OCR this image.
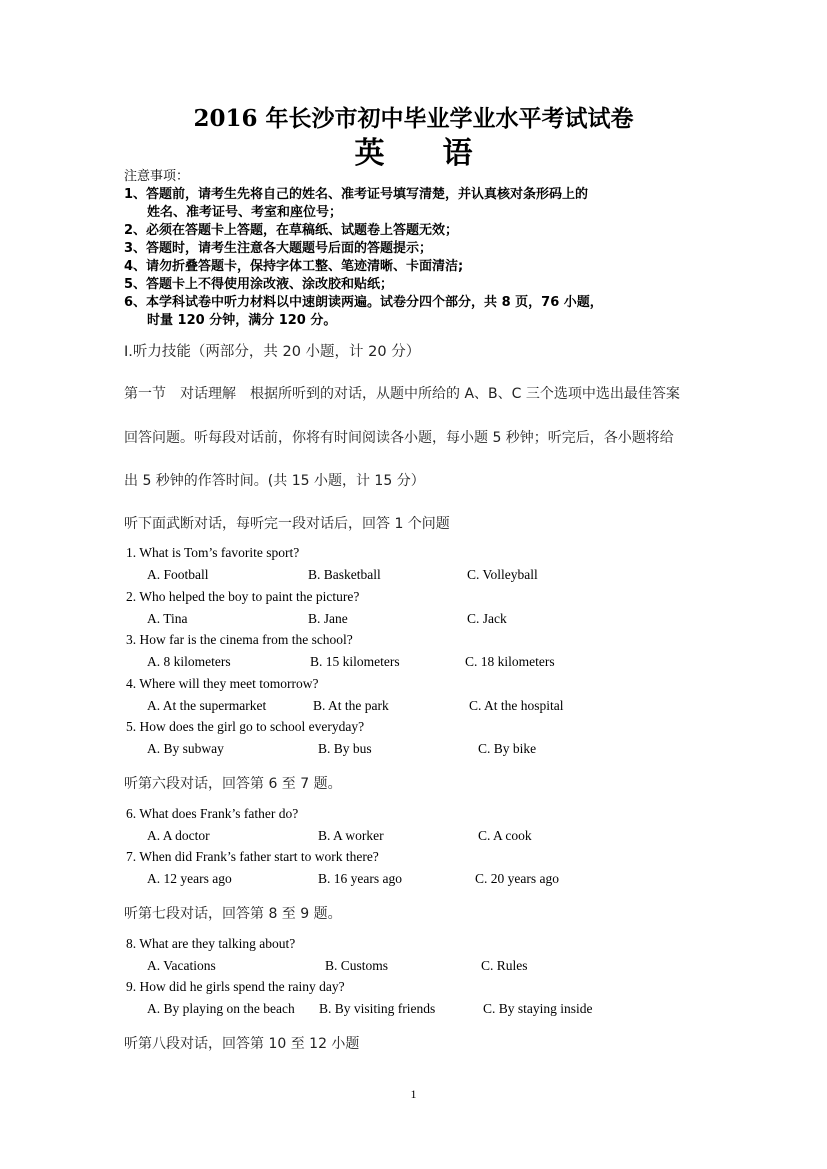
2016 年长沙市初中毕业学业水平考试试卷
英 语
注意事项：
1、答题前，请考生先将自己的姓名、准考证号填写清楚，并认真核对条形码上的
姓名、准考证号、考室和座位号；
2、必须在答题卡上答题，在草稿纸、试题卷上答题无效；
3、答题时，请考生注意各大题题号后面的答题提示；
4、请勿折叠答题卡，保持字体工整、笔迹清晰、卡面清洁;
5、答题卡上不得使用涂改液、涂改胶和贴纸；
6、本学科试卷中听力材料以中速朗读两遍。试卷分四个部分，共 8 页，76 小题，
时量 120 分钟，满分 120 分。
Ⅰ.听力技能（两部分，共 20 小题，计 20 分）
第一节　对话理解　根据所听到的对话，从题中所给的 A、B、C 三个选项中选出最佳答案
回答问题。听每段对话前，你将有时间阅读各小题，每小题 5 秒钟；听完后，各小题将给
出 5 秒钟的作答时间。(共 15 小题，计 15 分）
听下面武断对话，每听完一段对话后，回答 1 个问题
1. What is Tom’s favorite sport?
A. Football	B. Basketball	C. Volleyball
2. Who helped the boy to paint the picture?
A. Tina	B. Jane	C. Jack
3. How far is the cinema from the school?
A. 8 kilometers	B. 15 kilometers	C. 18 kilometers
4. Where will they meet tomorrow?
A. At the supermarket	B. At the park	C. At the hospital
5. How does the girl go to school everyday?
A. By subway	B. By bus	C. By bike
听第六段对话，回答第 6 至 7 题。
6. What does Frank’s father do?
A. A doctor	B. A worker	C. A cook
7. When did Frank’s father start to work there?
A. 12 years ago	B. 16 years ago	C. 20 years ago
听第七段对话，回答第 8 至 9 题。
8. What are they talking about?
A. Vacations	B. Customs	C. Rules
9. How did he girls spend the rainy day?
A. By playing on the beach B. By visiting friends	C. By staying inside
听第八段对话，回答第 10 至 12 小题
1
